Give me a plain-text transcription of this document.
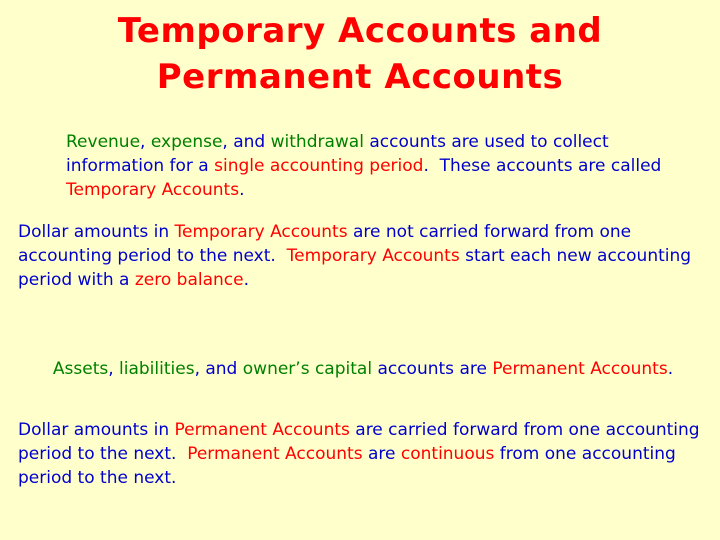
Temporary Accounts and
Permanent Accounts
Revenue, expense, and withdrawal accounts are used to collect information for a single accounting period.  These accounts are called Temporary Accounts.
Dollar amounts in Temporary Accounts are not carried forward from one accounting period to the next.  Temporary Accounts start each new accounting period with a zero balance.
Assets, liabilities, and owner’s capital accounts are Permanent Accounts.
Dollar amounts in Permanent Accounts are carried forward from one accounting period to the next.  Permanent Accounts are continuous from one accounting period to the next.
